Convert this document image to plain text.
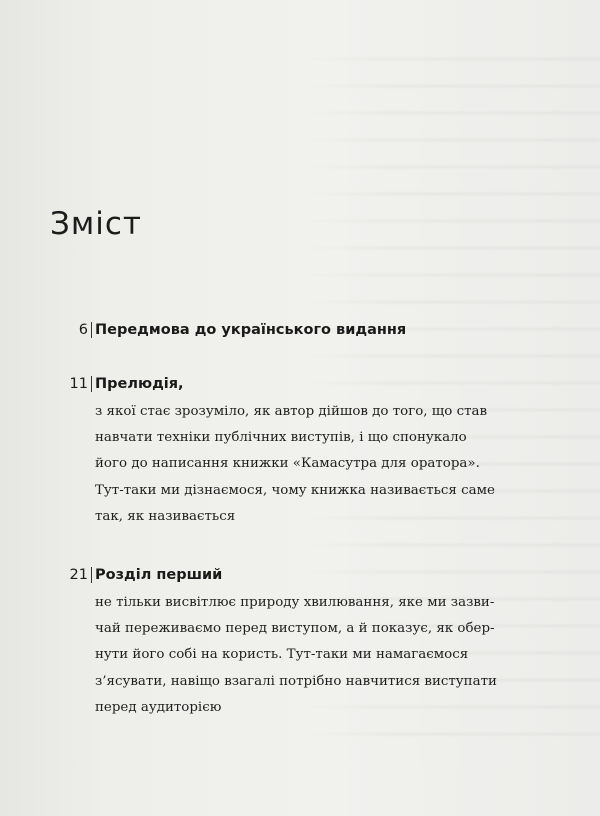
Зміст
6 Передмова до українського видання
11 Прелюдія,
з якої стає зрозуміло, як автор дійшов до того, що став
навчати техніки публічних виступів, і що спонукало
його до написання книжки «Камасутра для оратора».
Тут-таки ми дізнаємося, чому книжка називається саме
так, як називається
21 Розділ перший
не тільки висвітлює природу хвилювання, яке ми зазви-
чай переживаємо перед виступом, а й показує, як обер-
нути його собі на користь. Тут-таки ми намагаємося
з’ясувати, навіщо взагалі потрібно навчитися виступати
перед аудиторією
